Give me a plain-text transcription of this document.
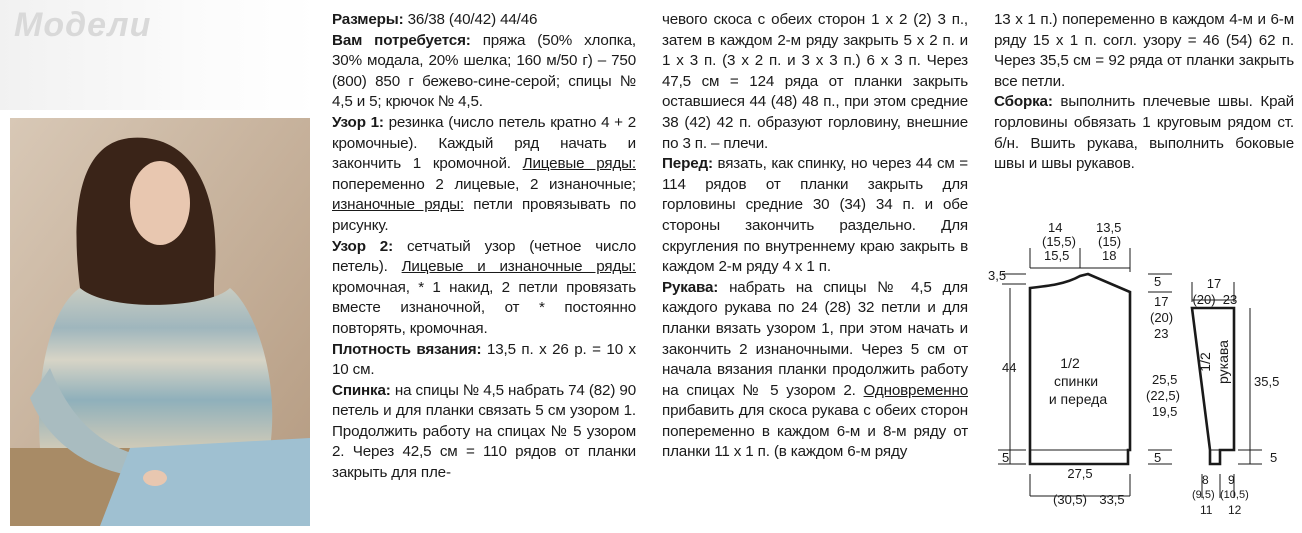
Модели	Размеры: 36/38 (40/42) 44/46

Вам потребуется: пряжа (50% хлопка, 30% модала, 20% шелка; 160 м/50 г) – 750 (800) 850 г бежево-сине-серой; спицы № 4,5 и 5; крючок № 4,5.

Узор 1: резинка (число петель кратно 4 + 2 кромочные). Каждый ряд начать и закончить 1 кромочной. Лицевые ряды: попеременно 2 лицевые, 2 изнаночные; изнаночные ряды: петли провязывать по рисунку.

Узор 2: сетчатый узор (четное число петель). Лицевые и изнаночные ряды: кромочная, * 1 накид, 2 петли провязать вместе изнаночной, от * постоянно повторять, кромочная.

Плотность вязания: 13,5 п. х 26 р. = 10 х 10 см.

Спинка: на спицы № 4,5 набрать 74 (82) 90 петель и для планки связать 5 см узором 1. Продолжить работу на спицах № 5 узором 2. Через 42,5 см = 110 рядов от планки закрыть для пле-

чевого скоса с обеих сторон 1 х 2 (2) 3 п., затем в каждом 2-м ряду закрыть 5 х 2 п. и 1 х 3 п. (3 х 2 п. и 3 х 3 п.) 6 х 3 п. Через 47,5 см = 124 ряда от планки закрыть оставшиеся 44 (48) 48 п., при этом средние 38 (42) 42 п. образуют горловину, внешние по 3 п. – плечи.

Перед: вязать, как спинку, но через 44 см = 114 рядов от планки закрыть для горловины средние 30 (34) 34 п. и обе стороны закончить раздельно. Для скругления по внутреннему краю закрыть в каждом 2-м ряду 4 х 1 п.

Рукава: набрать на спицы № 4,5 для каждого рукава по 24 (28) 32 петли и для планки вязать узором 1, при этом начать и закончить 2 изнаночными. Через 5 см от начала вязания планки продолжить работу на спицах № 5 узором 2. Одновременно прибавить для скоса рукава с обеих сторон попеременно в каждом 6-м и 8-м ряду от планки 11 х 1 п. (в каждом 6-м ряду

13 х 1 п.) попеременно в каждом 4-м и 6-м ряду 15 х 1 п. согл. узору = 46 (54) 62 п. Через 35,5 см = 92 ряда от планки закрыть все петли.

Сборка: выполнить плечевые швы. Край горловины обвязать 1 круговым рядом ст. б/н. Вшить рукава, выполнить боковые швы и швы рукавов.

14
(15,5)
15,5
13,5
(15)
18
3,5
44
5
1/2
спинки
и переда
5
17
(20)
23
25,5
(22,5)
19,5
5
27,5
(30,5) 33,5
17
(20) 23
35,5
5
1/2 рукава
8
(9,5)
11
9
(10,5)
12
